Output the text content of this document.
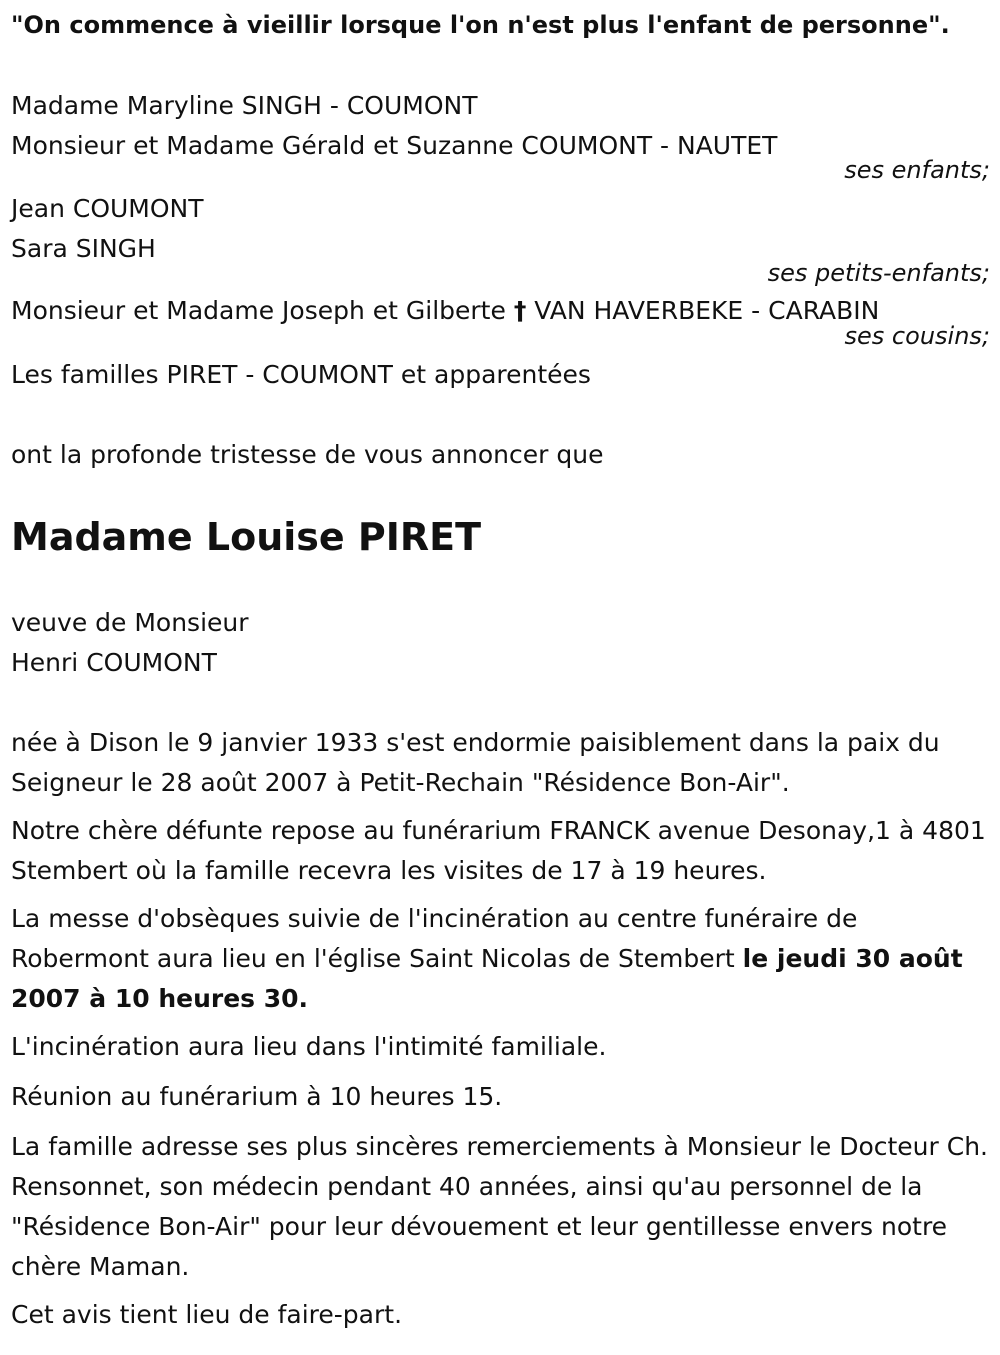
"On commence à vieillir lorsque l'on n'est plus l'enfant de personne".
Madame Maryline SINGH - COUMONT
Monsieur et Madame Gérald et Suzanne COUMONT - NAUTET
ses enfants;
Jean COUMONT
Sara SINGH
ses petits-enfants;
Monsieur et Madame Joseph et Gilberte † VAN HAVERBEKE - CARABIN
ses cousins;
Les familles PIRET - COUMONT et apparentées
ont la profonde tristesse de vous annoncer que
Madame Louise PIRET
veuve de Monsieur
Henri COUMONT
née à Dison le 9 janvier 1933 s'est endormie paisiblement dans la paix du Seigneur le 28 août 2007 à Petit-Rechain "Résidence Bon-Air".
Notre chère défunte repose au funérarium FRANCK avenue Desonay,1 à 4801 Stembert où la famille recevra les visites de 17 à 19 heures.
La messe d'obsèques suivie de l'incinération au centre funéraire de Robermont aura lieu en l'église Saint Nicolas de Stembert le jeudi 30 août 2007 à 10 heures 30.
L'incinération aura lieu dans l'intimité familiale.
Réunion au funérarium à 10 heures 15.
La famille adresse ses plus sincères remerciements à Monsieur le Docteur Ch. Rensonnet, son médecin pendant 40 années, ainsi qu'au personnel de la "Résidence Bon-Air" pour leur dévouement et leur gentillesse envers notre chère Maman.
Cet avis tient lieu de faire-part.
